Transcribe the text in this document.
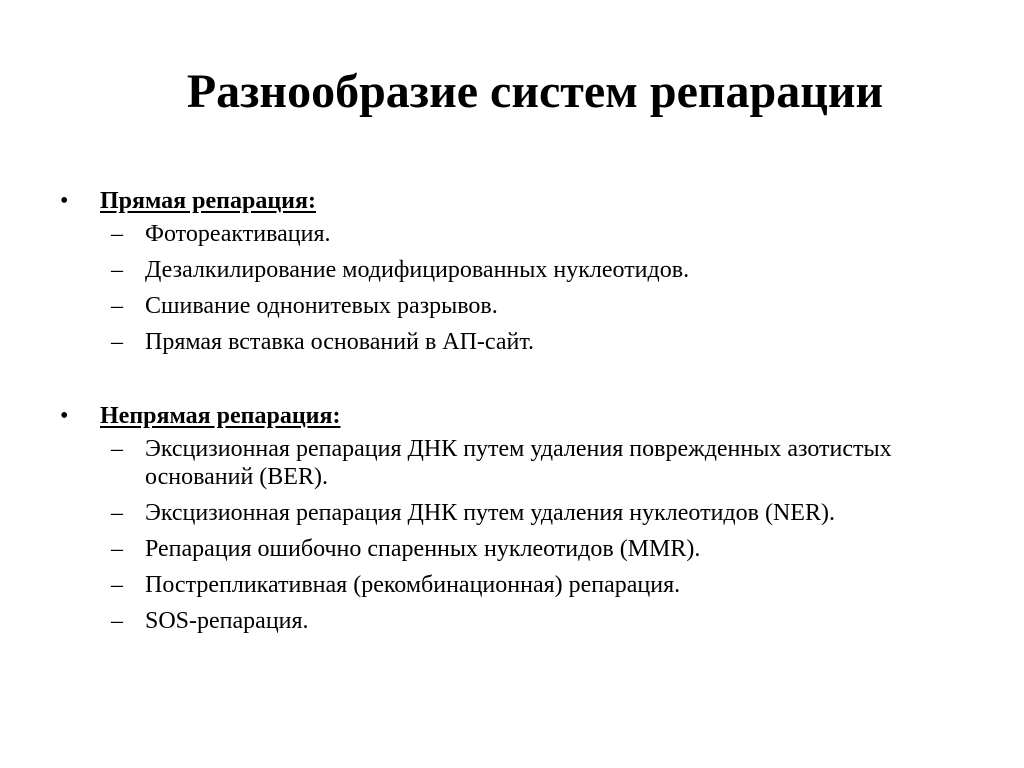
Разнообразие систем репарации
•	Прямая репарация:
– Фотореактивация.
– Дезалкилирование модифицированных нуклеотидов.
– Сшивание однонитевых разрывов.
– Прямая вставка оснований в АП-сайт.
•	Непрямая репарация:
– Эксцизионная репарация ДНК путем удаления поврежденных азотистых оснований (BER).
– Эксцизионная репарация ДНК путем удаления нуклеотидов (NER).
– Репарация ошибочно спаренных нуклеотидов (MMR).
– Пострепликативная (рекомбинационная) репарация.
– SOS-репарация.
